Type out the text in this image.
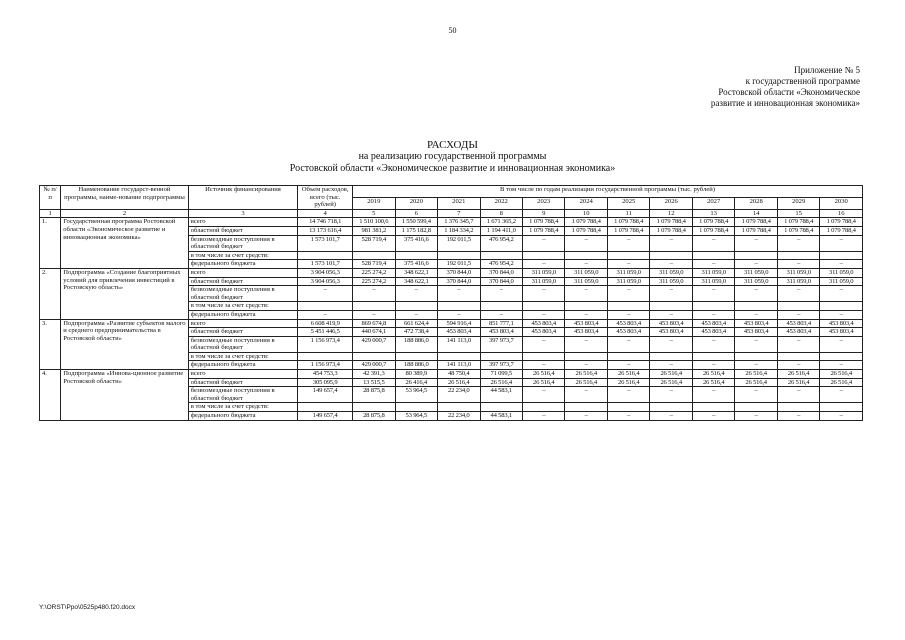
50
Приложение № 5
к государственной программе
Ростовской области «Экономическое
развитие и инновационная экономика»
РАСХОДЫ
на реализацию государственной программы
Ростовской области «Экономическое развитие и инновационная экономика»
№ п/п	Наименование государст-венной программы, наиме-нование подпрограммы	Источник финансирования	Объем расходов, всего (тыс. рублей)	В том числе по годам реализации государственной программы (тыс. рублей)											
				2019	2020	2021	2022	2023	2024	2025	2026	2027	2028	2029	2030
1	2	3	4	5	6	7	8	9	10	11	12	13	14	15	16
1.	Государственная программа Ростовской области «Экономическое развитие и инновационная экономика»	всего	14 746 718,1	1 510 100,6	1 550 599,4	1 376 345,7	1 671 365,2	1 079 788,4	1 079 788,4	1 079 788,4	1 079 788,4	1 079 788,4	1 079 788,4	1 079 788,4	1 079 788,4
		областной бюджет	13 173 616,4	981 381,2	1 175 182,8	1 184 334,2	1 194 411,0	1 079 788,4	1 079 788,4	1 079 788,4	1 079 788,4	1 079 788,4	1 079 788,4	1 079 788,4	1 079 788,4
		безвозмездные поступления в областной бюджет	1 573 101,7	528 719,4	375 416,6	192 011,5	476 954,2	–	–	–	–	–	–	–	–
		в том числе за счет средств:													
		федерального бюджета	1 573 101,7	528 719,4	375 416,6	192 011,5	476 954,2	–	–	–	–	–	–	–	–
2.	Подпрограмма «Создание благоприятных условий для привлечения инвестиций в Ростовскую область»	всего	3 904 056,3	225 274,2	348 622,1	370 844,0	370 844,0	311 059,0	311 059,0	311 059,0	311 059,0	311 059,0	311 059,0	311 059,0	311 059,0
		областной бюджет	3 904 056,3	225 274,2	348 622,1	370 844,0	370 844,0	311 059,0	311 059,0	311 059,0	311 059,0	311 059,0	311 059,0	311 059,0	311 059,0
		безвозмездные поступления в областной бюджет	–	–	–	–	–	–	–	–	–	–	–	–	–
		в том числе за счет средств:													
		федерального бюджета	–	–	–	–	–	–	–	–	–	–	–	–	–
3.	Подпрограмма «Развитие субъектов малого и среднего предпринимательства в Ростовской области»	всего	6 608 419,9	869 674,8	661 624,4	594 916,4	851 777,1	453 803,4	453 803,4	453 803,4	453 803,4	453 803,4	453 803,4	453 803,4	453 803,4
		областной бюджет	5 451 446,5	440 674,1	472 738,4	453 803,4	453 803,4	453 803,4	453 803,4	453 803,4	453 803,4	453 803,4	453 803,4	453 803,4	453 803,4
		безвозмездные поступления в областной бюджет	1 156 973,4	429 000,7	188 886,0	141 113,0	397 973,7	–	–	–	–	–	–	–	–
		в том числе за счет средств:													
		федерального бюджета	1 156 973,4	429 000,7	188 886,0	141 113,0	397 973,7	–	–	–	–	–	–	–	–
4.	Подпрограмма «Иннова-ционное развитие Ростовской области»	всего	454 753,3	42 391,3	80 389,9	48 750,4	71 099,5	26 516,4	26 516,4	26 516,4	26 516,4	26 516,4	26 516,4	26 516,4	26 516,4
		областной бюджет	305 095,9	13 515,5	26 416,4	26 516,4	26 516,4	26 516,4	26 516,4	26 516,4	26 516,4	26 516,4	26 516,4	26 516,4	26 516,4
		безвозмездные поступления в областной бюджет	149 657,4	28 875,8	53 964,5	22 234,0	44 583,1	–	–	–	–	–	–	–	–
		в том числе за счет средств:													
		федерального бюджета	149 657,4	28 875,8	53 964,5	22 234,0	44 583,1	–	–	–	–	–	–	–	–
Y:\ORST\Ppo\0525p480.f20.docx
